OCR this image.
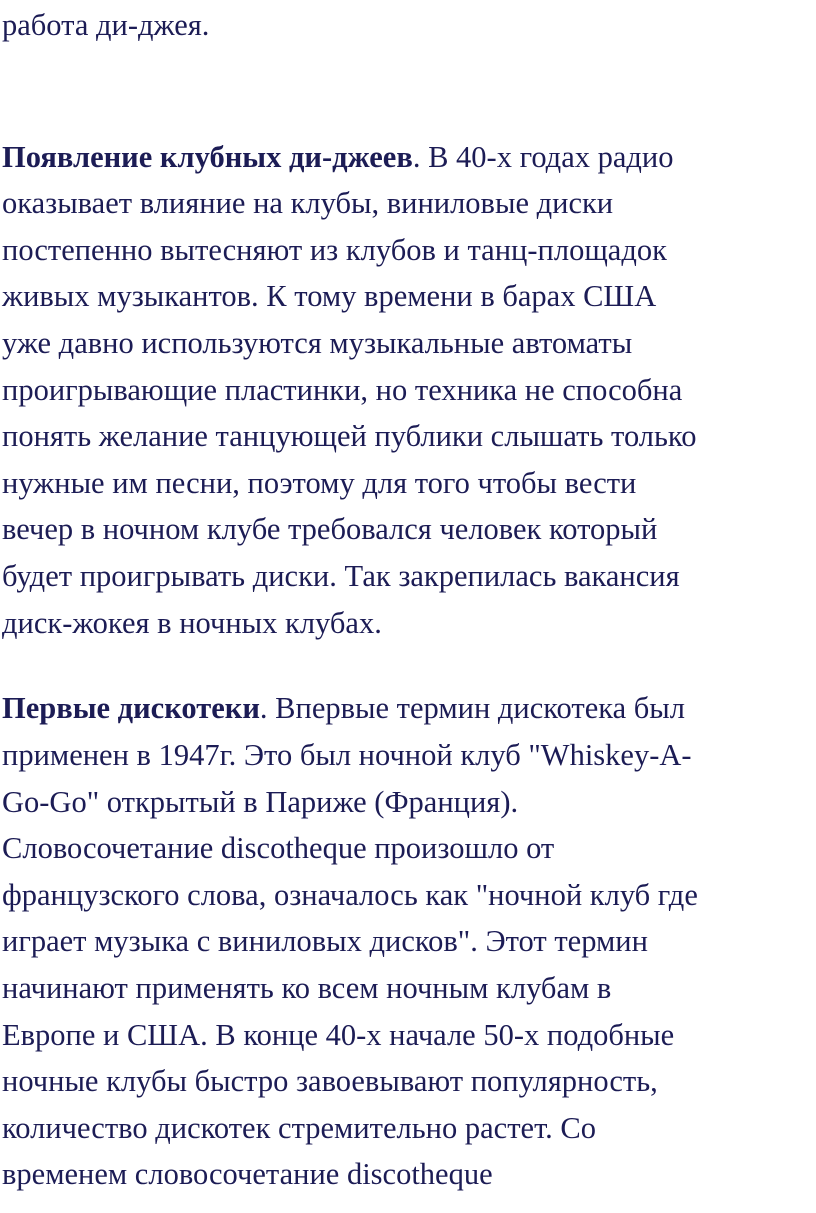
работа ди-джея.
Появление клубных ди-джеев. В 40-х годах радио
оказывает влияние на клубы, виниловые диски
постепенно вытесняют из клубов и танц-площадок
живых музыкантов. К тому времени в барах США
уже давно используются музыкальные автоматы
проигрывающие пластинки, но техника не способна
понять желание танцующей публики слышать только
нужные им песни, поэтому для того чтобы вести
вечер в ночном клубе требовался человек который
будет проигрывать диски. Так закрепилась вакансия
диск-жокея в ночных клубах.
Первые дискотеки. Впервые термин дискотека был
применен в 1947г. Это был ночной клуб "Whiskey-A-
Go-Go" открытый в Париже (Франция).
Словосочетание discotheque произошло от
французского слова, означалось как "ночной клуб где
играет музыка с виниловых дисков". Этот термин
начинают применять ко всем ночным клубам в
Европе и США. В конце 40-х начале 50-х подобные
ночные клубы быстро завоевывают популярность,
количество дискотек стремительно растет. Со
временем словосочетание discotheque
